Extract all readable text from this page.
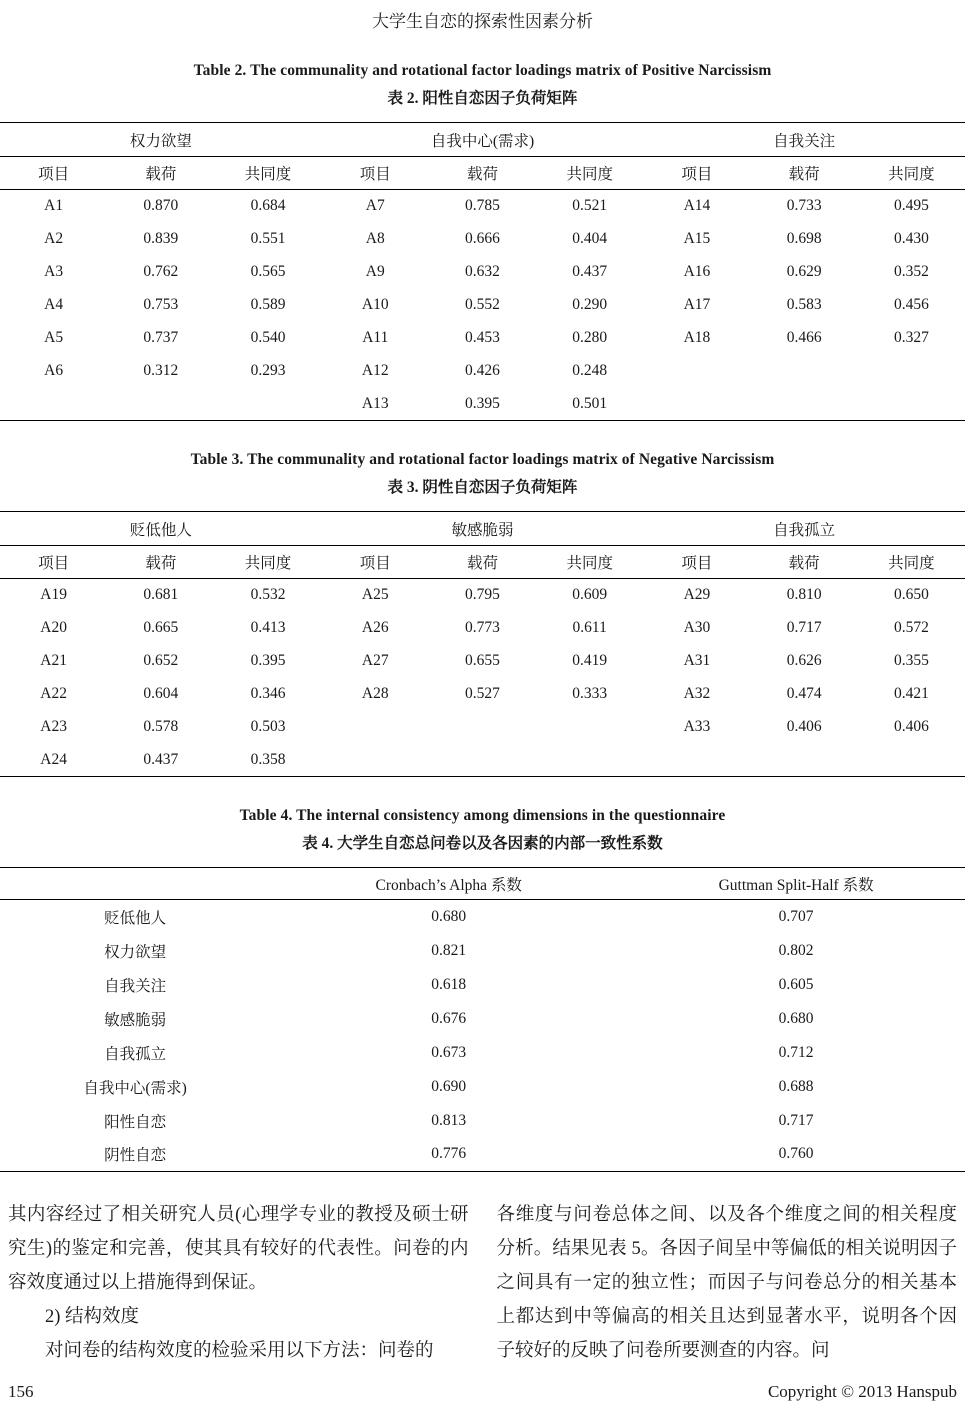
大学生自恋的探索性因素分析
Table 2. The communality and rotational factor loadings matrix of Positive Narcissism
表 2. 阳性自恋因子负荷矩阵
权力欲望			自我中心(需求)			自我关注		
项目	载荷	共同度	项目	载荷	共同度	项目	载荷	共同度
A1	0.870	0.684	A7	0.785	0.521	A14	0.733	0.495
A2	0.839	0.551	A8	0.666	0.404	A15	0.698	0.430
A3	0.762	0.565	A9	0.632	0.437	A16	0.629	0.352
A4	0.753	0.589	A10	0.552	0.290	A17	0.583	0.456
A5	0.737	0.540	A11	0.453	0.280	A18	0.466	0.327
A6	0.312	0.293	A12	0.426	0.248			
			A13	0.395	0.501			
Table 3. The communality and rotational factor loadings matrix of Negative Narcissism
表 3. 阴性自恋因子负荷矩阵
贬低他人			敏感脆弱			自我孤立		
项目	载荷	共同度	项目	载荷	共同度	项目	载荷	共同度
A19	0.681	0.532	A25	0.795	0.609	A29	0.810	0.650
A20	0.665	0.413	A26	0.773	0.611	A30	0.717	0.572
A21	0.652	0.395	A27	0.655	0.419	A31	0.626	0.355
A22	0.604	0.346	A28	0.527	0.333	A32	0.474	0.421
A23	0.578	0.503				A33	0.406	0.406
A24	0.437	0.358						
Table 4. The internal consistency among dimensions in the questionnaire
表 4. 大学生自恋总问卷以及各因素的内部一致性系数
	Cronbach’s Alpha 系数	Guttman Split-Half 系数
贬低他人	0.680	0.707
权力欲望	0.821	0.802
自我关注	0.618	0.605
敏感脆弱	0.676	0.680
自我孤立	0.673	0.712
自我中心(需求)	0.690	0.688
阳性自恋	0.813	0.717
阴性自恋	0.776	0.760

其内容经过了相关研究人员(心理学专业的教授及硕士研究生)的鉴定和完善，使其具有较好的代表性。问卷的内容效度通过以上措施得到保证。

2) 结构效度

对问卷的结构效度的检验采用以下方法：问卷的

各维度与问卷总体之间、以及各个维度之间的相关程度分析。结果见表 5。各因子间呈中等偏低的相关说明因子之间具有一定的独立性；而因子与问卷总分的相关基本上都达到中等偏高的相关且达到显著水平，说明各个因子较好的反映了问卷所要测查的内容。问

156	Copyright © 2013 Hanspub
